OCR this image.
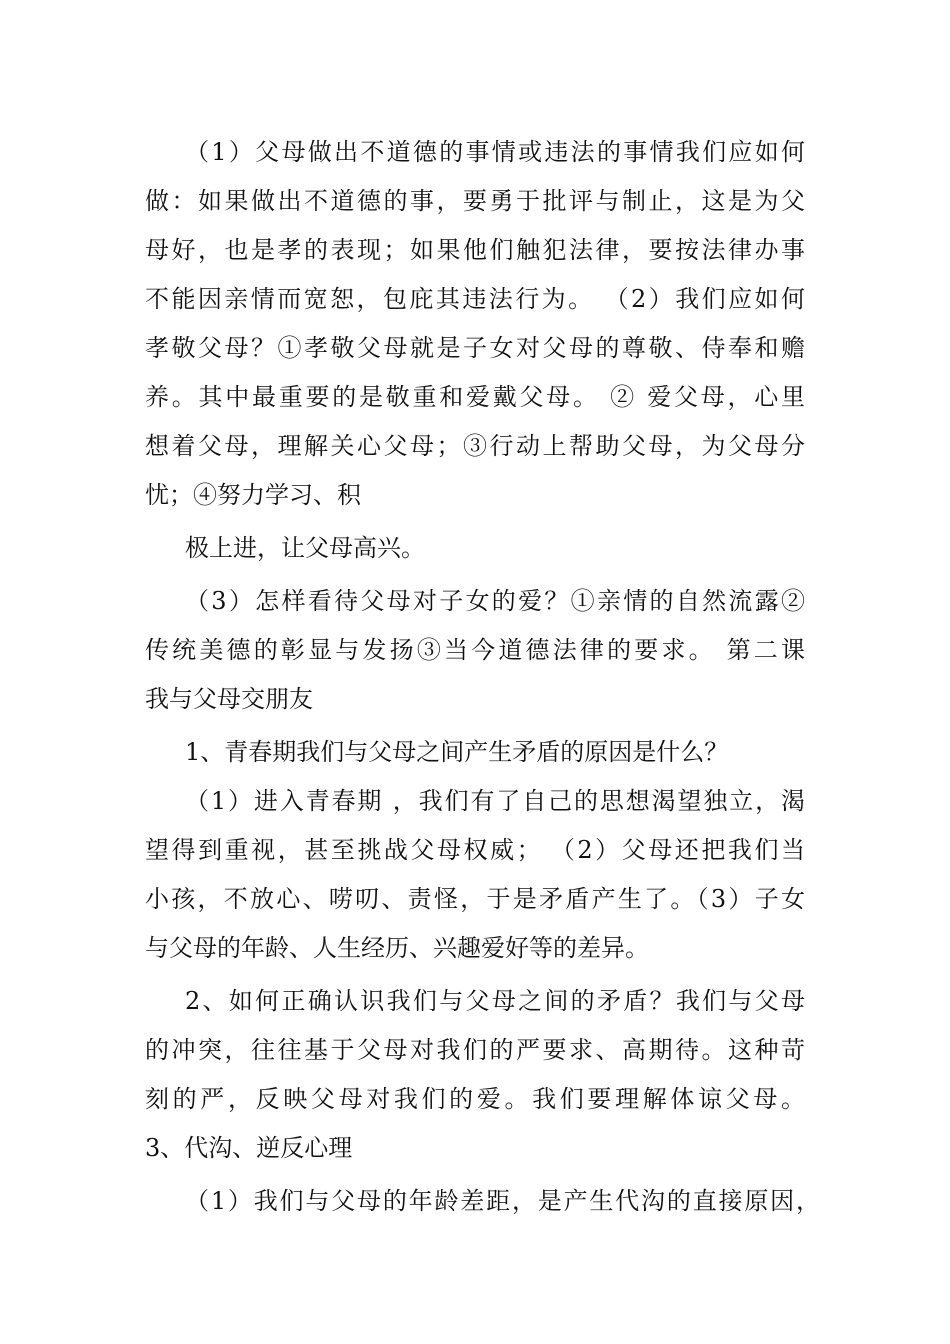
（1）父母做出不道德的事情或违法的事情我们应如何
做：如果做出不道德的事，要勇于批评与制止，这是为父
母好，也是孝的表现；如果他们触犯法律，要按法律办事
不能因亲情而宽恕，包庇其违法行为。 （2）我们应如何
孝敬父母？①孝敬父母就是子女对父母的尊敬、侍奉和赡
养。其中最重要的是敬重和爱戴父母。 ② 爱父母，心里
想着父母，理解关心父母；③行动上帮助父母，为父母分
忧；④努力学习、积
极上进，让父母高兴。
（3）怎样看待父母对子女的爱？①亲情的自然流露②
传统美德的彰显与发扬③当今道德法律的要求。 第二课
我与父母交朋友
1、青春期我们与父母之间产生矛盾的原因是什么？
（1）进入青春期 ，我们有了自己的思想渴望独立，渴
望得到重视，甚至挑战父母权威； （2）父母还把我们当
小孩，不放心、唠叨、责怪，于是矛盾产生了。（3）子女
与父母的年龄、人生经历、兴趣爱好等的差异。
2、如何正确认识我们与父母之间的矛盾？我们与父母
的冲突，往往基于父母对我们的严要求、高期待。这种苛
刻的严，反映父母对我们的爱。我们要理解体谅父母。
3、代沟、逆反心理
（1）我们与父母的年龄差距，是产生代沟的直接原因，
